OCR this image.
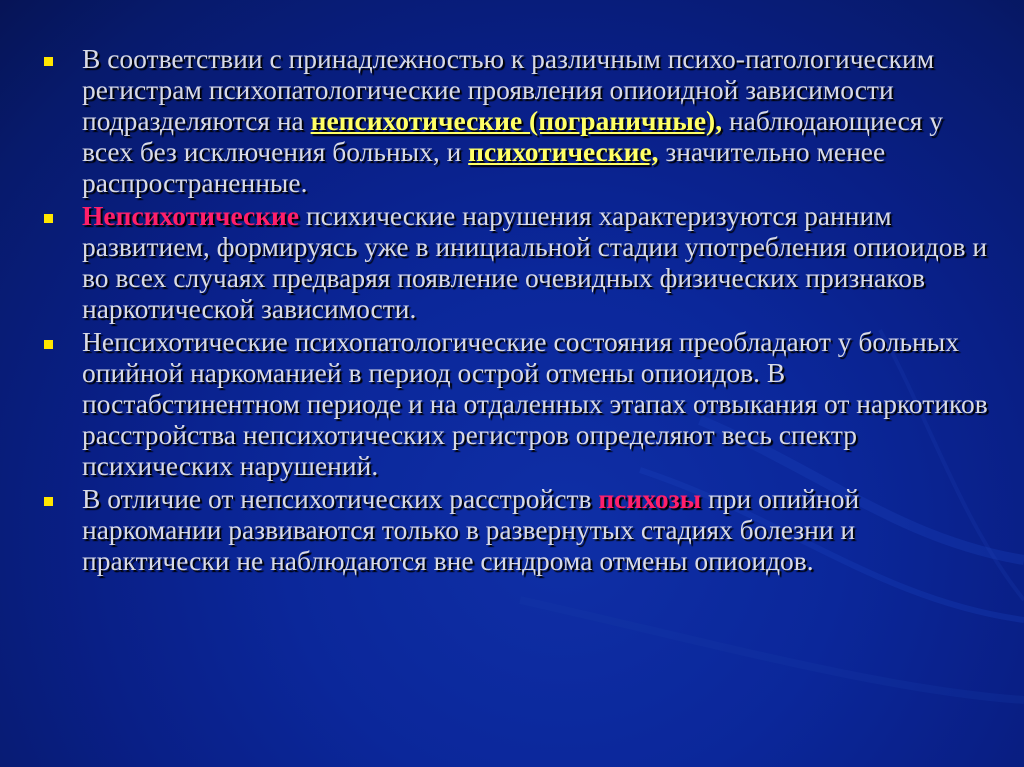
В соответствии с принадлежностью к различным психо-патологическим регистрам психопатологические проявления опиоидной зависимости подразделяются на непсихотические (пограничные), наблюдающиеся у всех без исключения больных, и психотические, значительно менее распространенные.

Непсихотические психические нарушения характеризуются ранним развитием, формируясь уже в инициальной стадии употребления опиоидов и во всех случаях предваряя появление очевидных физических признаков наркотической зависимости.

Непсихотические психопатологические состояния преобладают у больных опийной наркоманией в период острой отмены опиоидов. В постабстинентном периоде и на отдаленных этапах отвыкания от наркотиков расстройства непсихотических регистров определяют весь спектр психических нарушений.

В отличие от непсихотических расстройств психозы при опийной наркомании развиваются только в развернутых стадиях болезни и практически не наблюдаются вне синдрома отмены опиоидов.
